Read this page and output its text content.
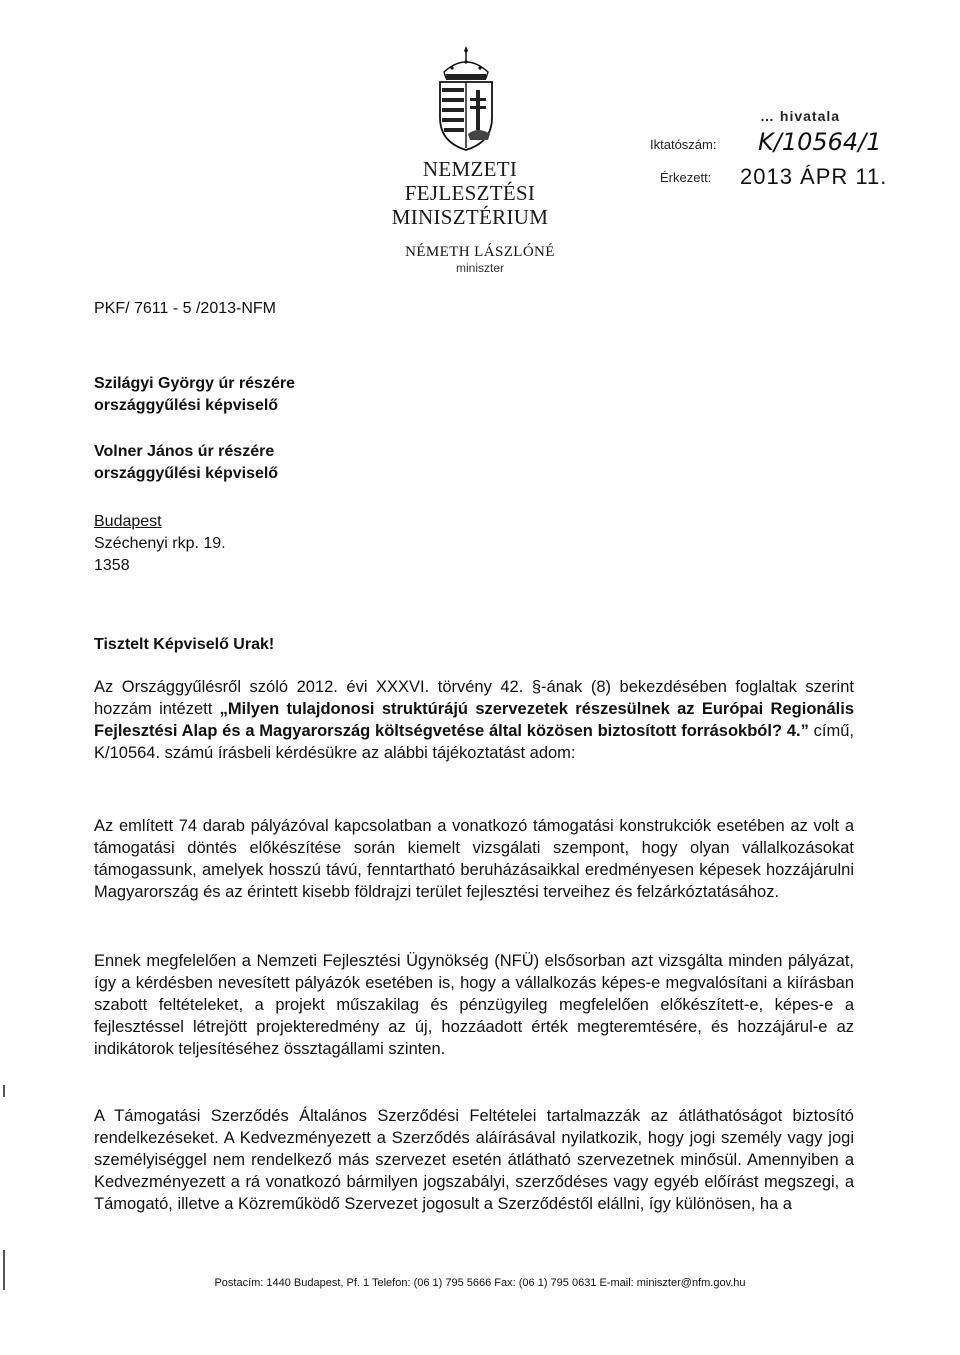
NEMZETI FEJLESZTÉSI
MINISZTÉRIUM
NÉMETH LÁSZLÓNÉ
miniszter
… hivatala
Iktatószám: K/10564/1
Érkezett: 2013 ÁPR 11.
PKF/ 7611 - 5 /2013-NFM
Szilágyi György úr részére
országgyűlési képviselő
Volner János úr részére
országgyűlési képviselő
Budapest
Széchenyi rkp. 19.
1358
Tisztelt Képviselő Urak!

Az Országgyűlésről szóló 2012. évi XXXVI. törvény 42. §-ának (8) bekezdésében foglaltak szerint hozzám intézett „Milyen tulajdonosi struktúrájú szervezetek részesülnek az Európai Regionális Fejlesztési Alap és a Magyarország költségvetése által közösen biztosított forrásokból? 4.” című, K/10564. számú írásbeli kérdésükre az alábbi tájékoztatást adom:

Az említett 74 darab pályázóval kapcsolatban a vonatkozó támogatási konstrukciók esetében az volt a támogatási döntés előkészítése során kiemelt vizsgálati szempont, hogy olyan vállalkozásokat támogassunk, amelyek hosszú távú, fenntartható beruházásaikkal eredményesen képesek hozzájárulni Magyarország és az érintett kisebb földrajzi terület fejlesztési terveihez és felzárkóztatásához.

Ennek megfelelően a Nemzeti Fejlesztési Ügynökség (NFÜ) elsősorban azt vizsgálta minden pályázat, így a kérdésben nevesített pályázók esetében is, hogy a vállalkozás képes-e megvalósítani a kiírásban szabott feltételeket, a projekt műszakilag és pénzügyileg megfelelően előkészített-e, képes-e a fejlesztéssel létrejött projekteredmény az új, hozzáadott érték megteremtésére, és hozzájárul-e az indikátorok teljesítéséhez össztagállami szinten.

A Támogatási Szerződés Általános Szerződési Feltételei tartalmazzák az átláthatóságot biztosító rendelkezéseket. A Kedvezményezett a Szerződés aláírásával nyilatkozik, hogy jogi személy vagy jogi személyiséggel nem rendelkező más szervezet esetén átlátható szervezetnek minősül. Amennyiben a Kedvezményezett a rá vonatkozó bármilyen jogszabályi, szerződéses vagy egyéb előírást megszegi, a Támogató, illetve a Közreműködő Szervezet jogosult a Szerződéstől elállni, így különösen, ha a

Postacím: 1440 Budapest, Pf. 1 Telefon: (06 1) 795 5666 Fax: (06 1) 795 0631 E-mail: miniszter@nfm.gov.hu
